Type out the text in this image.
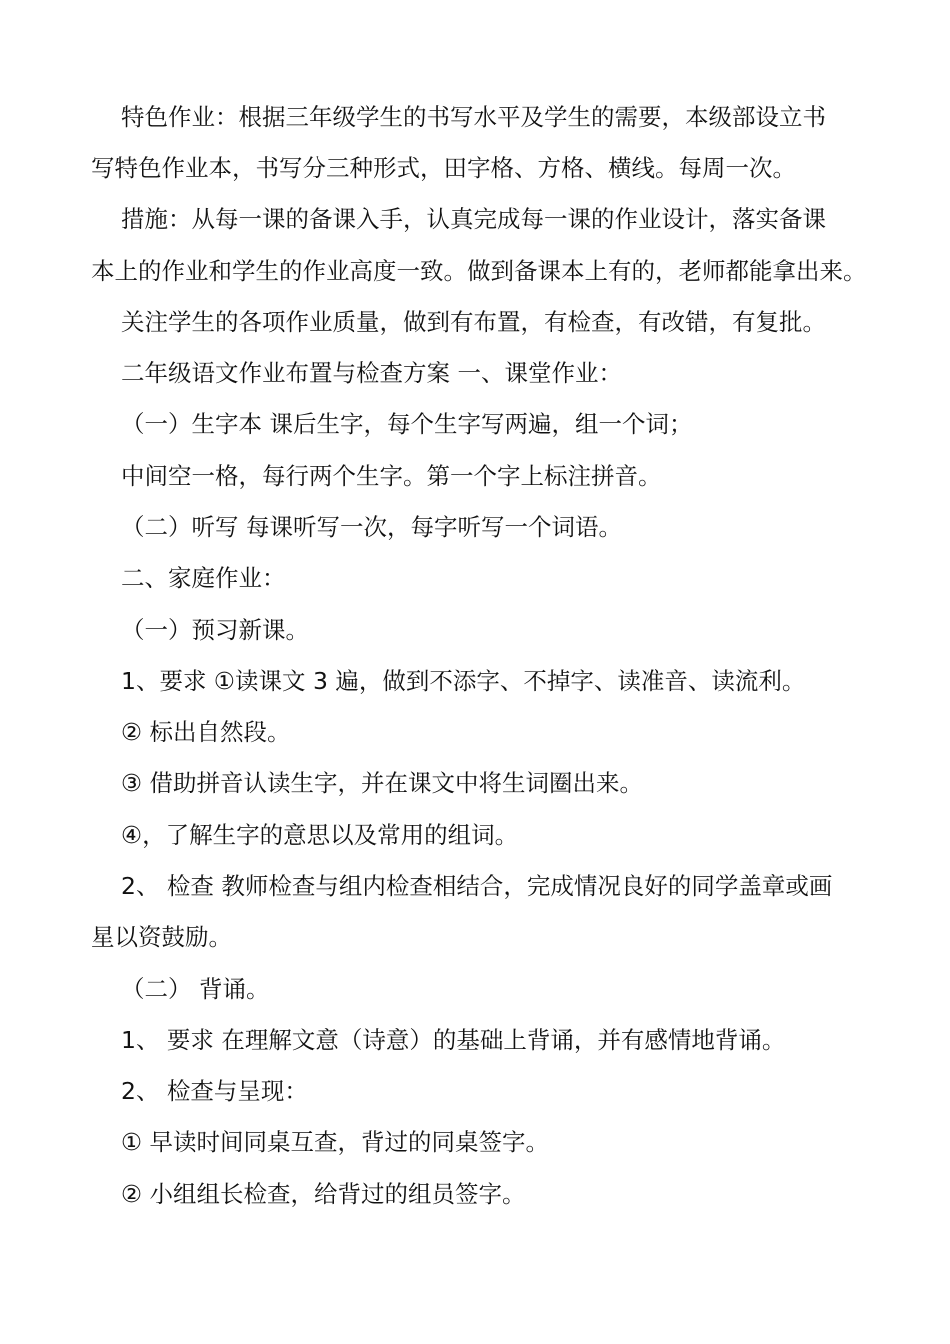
特色作业：根据三年级学生的书写水平及学生的需要，本级部设立书
写特色作业本，书写分三种形式，田字格、方格、横线。每周一次。
措施：从每一课的备课入手，认真完成每一课的作业设计，落实备课
本上的作业和学生的作业高度一致。做到备课本上有的，老师都能拿出来。
关注学生的各项作业质量，做到有布置，有检查，有改错，有复批。
二年级语文作业布置与检查方案 一、课堂作业：
（一）生字本 课后生字，每个生字写两遍，组一个词；
中间空一格，每行两个生字。第一个字上标注拼音。
（二）听写 每课听写一次，每字听写一个词语。
二、家庭作业：
（一）预习新课。
1、要求 ①读课文 3 遍，做到不添字、不掉字、读准音、读流利。
② 标出自然段。
③ 借助拼音认读生字，并在课文中将生词圈出来。
④，了解生字的意思以及常用的组词。
2、 检查 教师检查与组内检查相结合，完成情况良好的同学盖章或画
星以资鼓励。
（二） 背诵。
1、 要求 在理解文意（诗意）的基础上背诵，并有感情地背诵。
2、 检查与呈现：
① 早读时间同桌互查，背过的同桌签字。
② 小组组长检查，给背过的组员签字。
